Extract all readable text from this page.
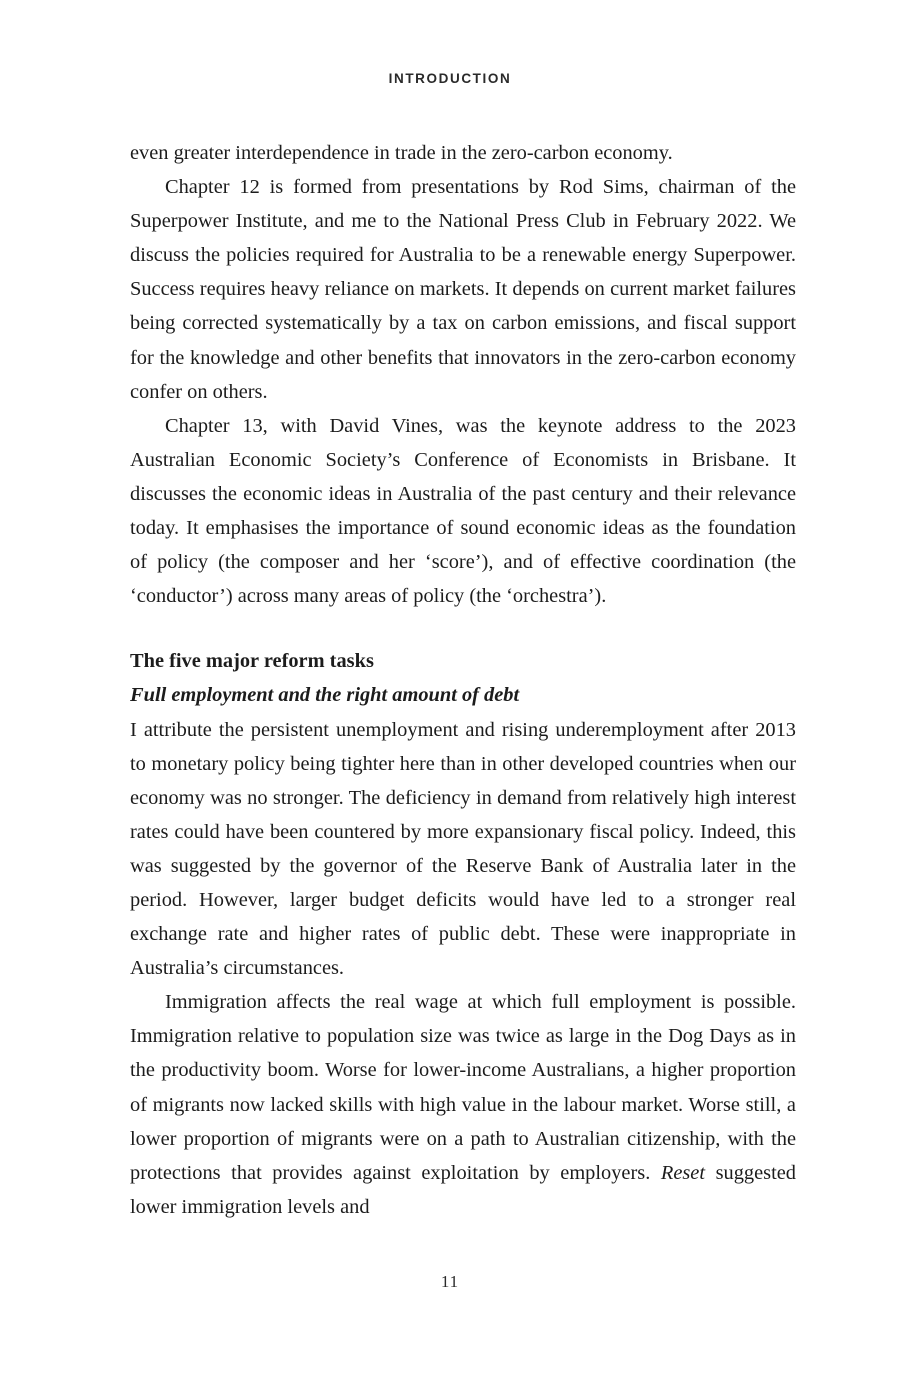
INTRODUCTION

even greater interdependence in trade in the zero-carbon economy.

Chapter 12 is formed from presentations by Rod Sims, chairman of the Superpower Institute, and me to the National Press Club in February 2022. We discuss the policies required for Australia to be a renewable energy Superpower. Success requires heavy reliance on markets. It depends on current market failures being corrected systematically by a tax on carbon emissions, and fiscal support for the knowledge and other benefits that innovators in the zero-carbon economy confer on others.

Chapter 13, with David Vines, was the keynote address to the 2023 Australian Economic Society’s Conference of Economists in Brisbane. It discusses the economic ideas in Australia of the past century and their relevance today. It emphasises the importance of sound economic ideas as the foundation of policy (the composer and her ‘score’), and of effective coordination (the ‘conductor’) across many areas of policy (the ‘orchestra’).

The five major reform tasks
Full employment and the right amount of debt

I attribute the persistent unemployment and rising underemployment after 2013 to monetary policy being tighter here than in other developed countries when our economy was no stronger. The deficiency in demand from relatively high interest rates could have been countered by more expansionary fiscal policy. Indeed, this was suggested by the governor of the Reserve Bank of Australia later in the period. However, larger budget deficits would have led to a stronger real exchange rate and higher rates of public debt. These were inappropriate in Australia’s circumstances.

Immigration affects the real wage at which full employment is possible. Immigration relative to population size was twice as large in the Dog Days as in the productivity boom. Worse for lower-income Australians, a higher proportion of migrants now lacked skills with high value in the labour market. Worse still, a lower proportion of migrants were on a path to Australian citizenship, with the protections that provides against exploitation by employers. Reset suggested lower immigration levels and

11
